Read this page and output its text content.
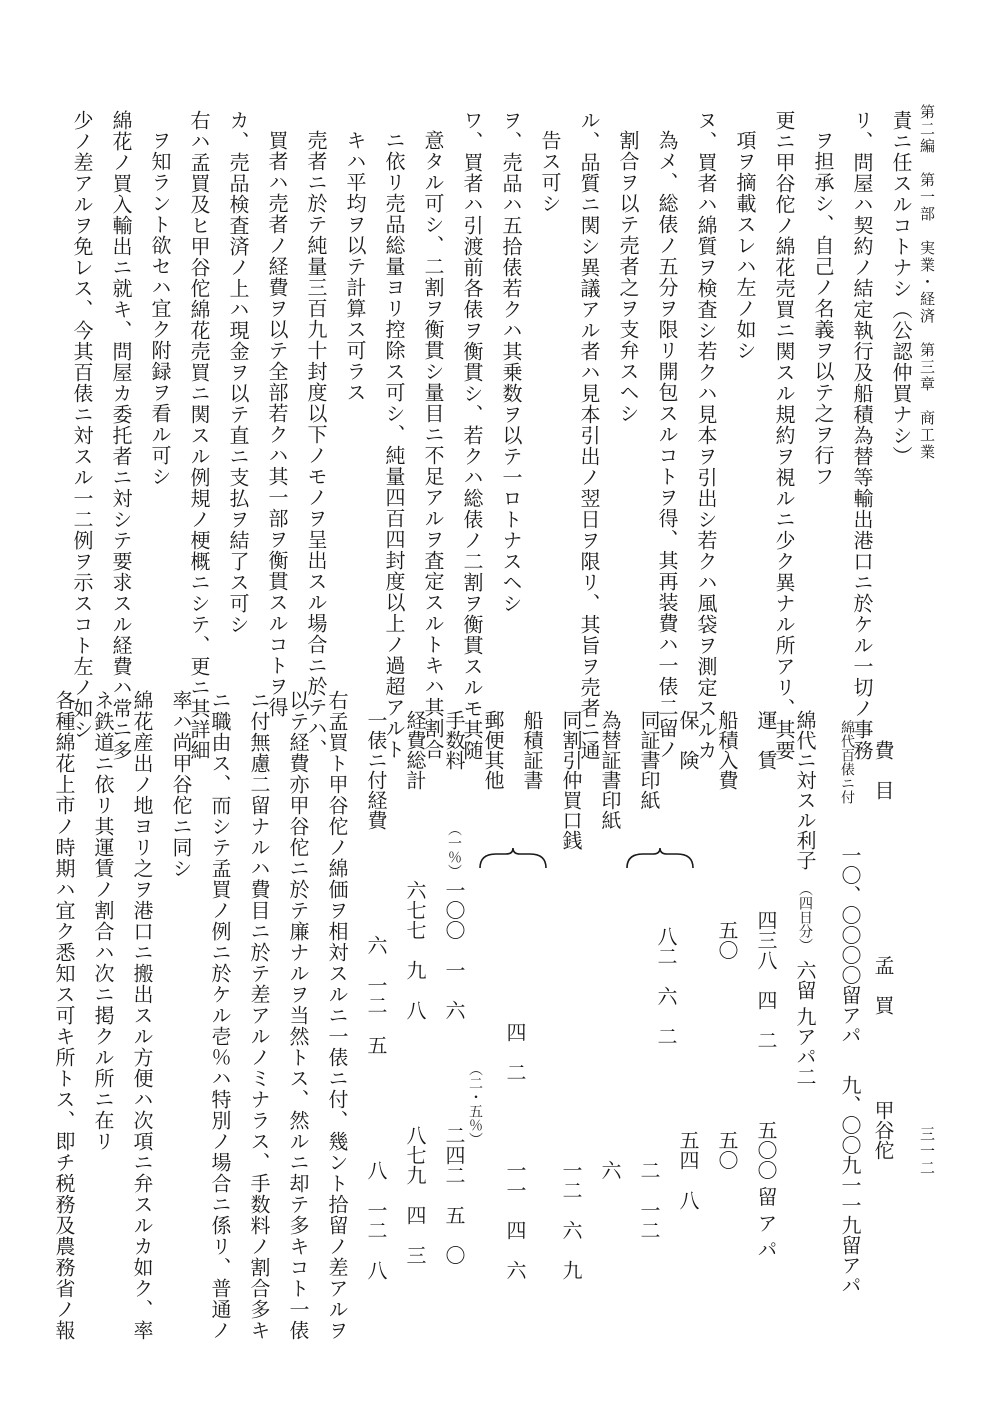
第二編　第一部　実業・経済　第三章　商工業
三一二
責ニ任スルコトナシ（公認仲買ナシ）
リ、問屋ハ契約ノ結定執行及船積為替等輸出港口ニ於ケル一切ノ事務
ヲ担承シ、自己ノ名義ヲ以テ之ヲ行フ
更ニ甲谷佗ノ綿花売買ニ関スル規約ヲ視ルニ少ク異ナル所アリ、其要
項ヲ摘載スレハ左ノ如シ
ヌ、買者ハ綿質ヲ検査シ若クハ見本ヲ引出シ若クハ風袋ヲ測定スルカ
為メ、総俵ノ五分ヲ限リ開包スルコトヲ得、其再装費ハ一俵二留ノ
割合ヲ以テ売者之ヲ支弁スヘシ
ル、品質ニ関シ異議アル者ハ見本引出ノ翌日ヲ限リ、其旨ヲ売者ニ通
告ス可シ
ヲ、売品ハ五拾俵若クハ其乗数ヲ以テ一ロトナスヘシ
ワ、買者ハ引渡前各俵ヲ衡貫シ、若クハ総俵ノ二割ヲ衡貫スルモ其随
意タル可シ、二割ヲ衡貫シ量目ニ不足アルヲ査定スルトキハ其割合
ニ依リ売品総量ヨリ控除ス可シ、純量四百四封度以上ノ過超アルト
キハ平均ヲ以テ計算ス可ラス
売者ニ於テ純量三百九十封度以下ノモノヲ呈出スル場合ニ於テハ、
買者ハ売者ノ経費ヲ以テ全部若クハ其一部ヲ衡貫スルコトヲ得
カ、売品検査済ノ上ハ現金ヲ以テ直ニ支払ヲ結了ス可シ
右ハ孟買及ヒ甲谷佗綿花売買ニ関スル例規ノ梗概ニシテ、更ニ其詳細
ヲ知ラント欲セハ宜ク附録ヲ看ル可シ
綿花ノ買入輸出ニ就キ、問屋カ委托者ニ対シテ要求スル経費ハ常ニ多
少ノ差アルヲ免レス、今其百俵ニ対スル一二例ヲ示スコト左ノ如シ
費　目
孟　買
甲谷佗
綿代百俵ニ付
一〇、〇〇〇〇留アパ
九、〇〇九一一九留アパ
綿代ニ対スル利子
（四日分）
六留 九アパ二
運　賃
四三八　四　二
五〇〇 留 ア パ
船積入費
五〇
五〇
保　険
五四　八
同証書印紙
八二　六　二
二　一二
為替証書印紙
六
同割引仲買口銭
一二　六　九
船積証書
四　二
一一　四　六
郵便其他
手数料
（一％）
一〇〇　一　六
（二・五％）
二四二　五　〇
経費総計
六七七　九　八
八七九　四　三
一俵ニ付経費
六　一二　五
八　一二　八
右孟買ト甲谷佗ノ綿価ヲ相対スルニ一俵ニ付、幾ント拾留ノ差アルヲ
以テ経費亦甲谷佗ニ於テ廉ナルヲ当然トス、然ルニ却テ多キコト一俵
ニ付無慮二留ナルハ費目ニ於テ差アルノミナラス、手数料ノ割合多キ
ニ職由ス、而シテ孟買ノ例ニ於ケル壱％ハ特別ノ場合ニ係リ、普通ノ
率ハ尚甲谷佗ニ同シ
綿花産出ノ地ヨリ之ヲ港口ニ搬出スル方便ハ次項ニ弁スルカ如ク、率
ネ鉄道ニ依リ其運賃ノ割合ハ次ニ掲クル所ニ在リ
各種綿花上市ノ時期ハ宜ク悉知ス可キ所トス、即チ税務及農務省ノ報
